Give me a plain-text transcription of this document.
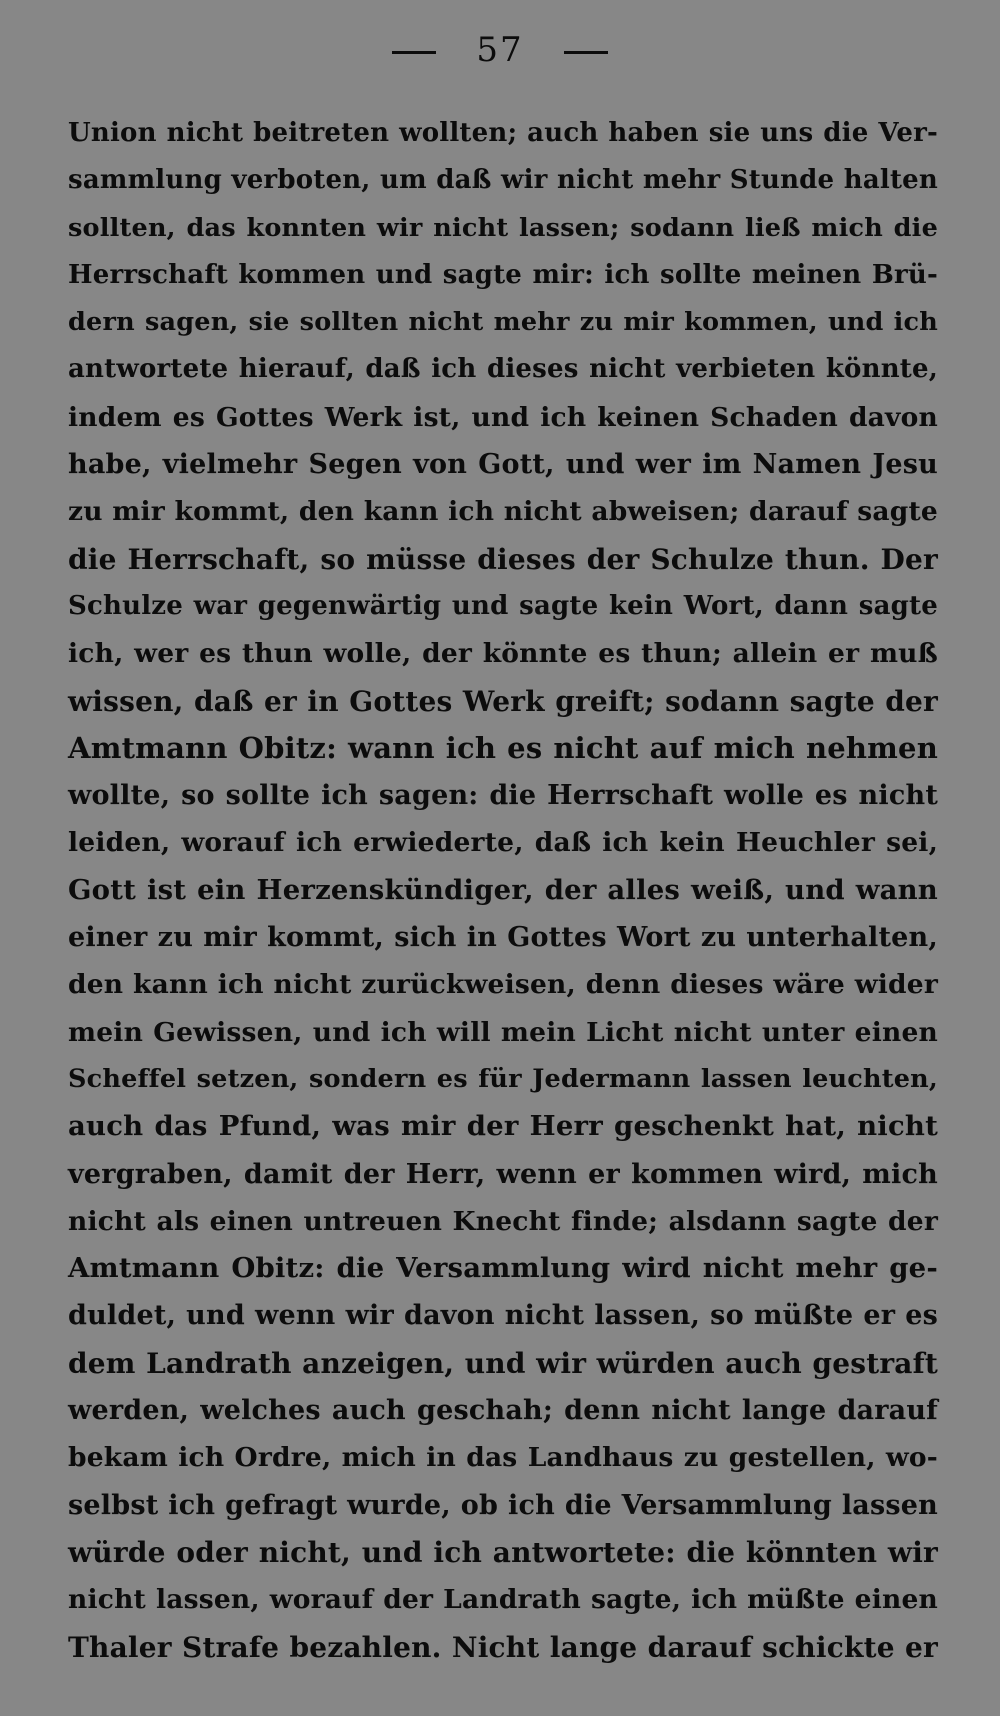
57
Union nicht beitreten wollten; auch haben sie uns die Ver-
sammlung verboten, um daß wir nicht mehr Stunde halten
sollten, das konnten wir nicht lassen; sodann ließ mich die
Herrschaft kommen und sagte mir: ich sollte meinen Brü-
dern sagen, sie sollten nicht mehr zu mir kommen, und ich
antwortete hierauf, daß ich dieses nicht verbieten könnte,
indem es Gottes Werk ist, und ich keinen Schaden davon
habe, vielmehr Segen von Gott, und wer im Namen Jesu
zu mir kommt, den kann ich nicht abweisen; darauf sagte
die Herrschaft, so müsse dieses der Schulze thun. Der
Schulze war gegenwärtig und sagte kein Wort, dann sagte
ich, wer es thun wolle, der könnte es thun; allein er muß
wissen, daß er in Gottes Werk greift; sodann sagte der
Amtmann Obitz: wann ich es nicht auf mich nehmen
wollte, so sollte ich sagen: die Herrschaft wolle es nicht
leiden, worauf ich erwiederte, daß ich kein Heuchler sei,
Gott ist ein Herzenskündiger, der alles weiß, und wann
einer zu mir kommt, sich in Gottes Wort zu unterhalten,
den kann ich nicht zurückweisen, denn dieses wäre wider
mein Gewissen, und ich will mein Licht nicht unter einen
Scheffel setzen, sondern es für Jedermann lassen leuchten,
auch das Pfund, was mir der Herr geschenkt hat, nicht
vergraben, damit der Herr, wenn er kommen wird, mich
nicht als einen untreuen Knecht finde; alsdann sagte der
Amtmann Obitz: die Versammlung wird nicht mehr ge-
duldet, und wenn wir davon nicht lassen, so müßte er es
dem Landrath anzeigen, und wir würden auch gestraft
werden, welches auch geschah; denn nicht lange darauf
bekam ich Ordre, mich in das Landhaus zu gestellen, wo-
selbst ich gefragt wurde, ob ich die Versammlung lassen
würde oder nicht, und ich antwortete: die könnten wir
nicht lassen, worauf der Landrath sagte, ich müßte einen
Thaler Strafe bezahlen. Nicht lange darauf schickte er
